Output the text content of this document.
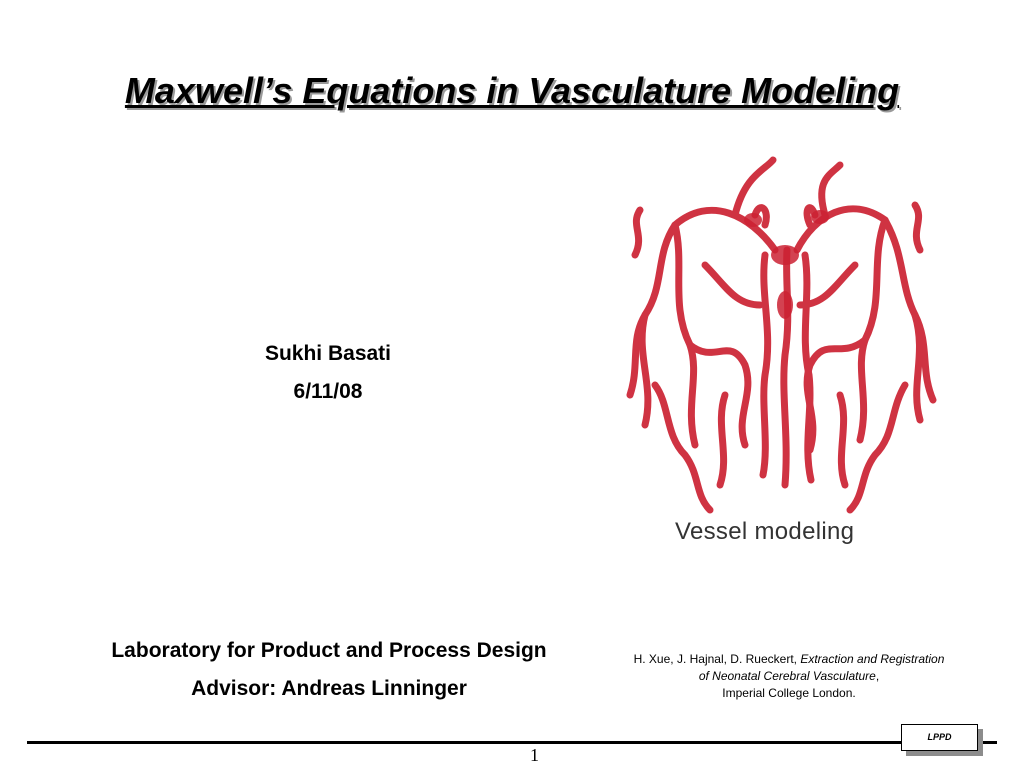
Maxwell’s Equations in Vasculature Modeling
Sukhi Basati
6/11/08
Vessel modeling
Laboratory for Product and Process Design
Advisor: Andreas Linninger
H. Xue, J. Hajnal, D. Rueckert, Extraction and Registration of Neonatal Cerebral Vasculature,
Imperial College London.
1
LPPD
